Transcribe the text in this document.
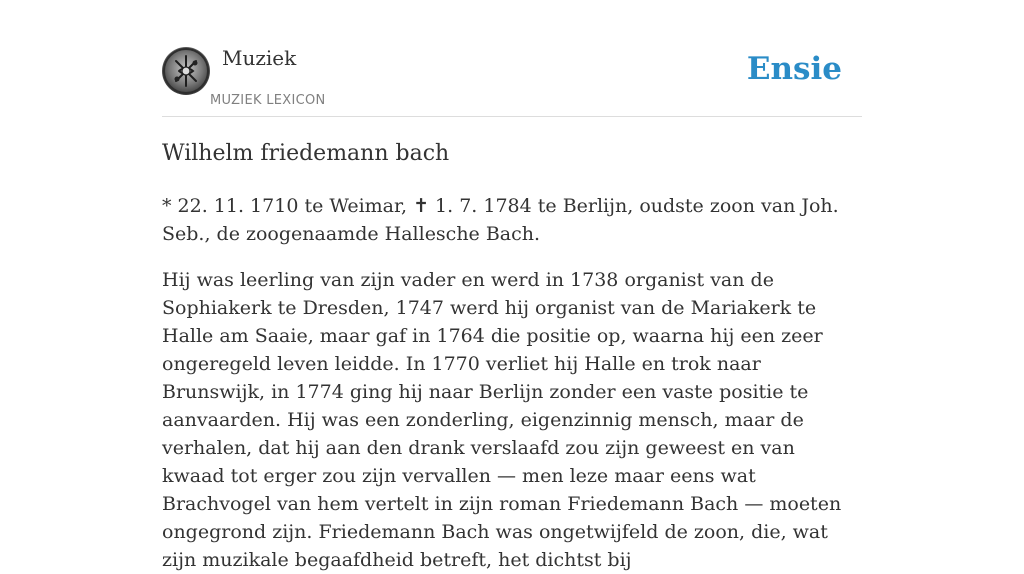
Muziek
MUZIEK LEXICON
Ensie
Wilhelm friedemann bach

* 22. 11. 1710 te Weimar, ✝ 1. 7. 1784 te Berlijn, oudste zoon van Joh. Seb., de zoogenaamde Hallesche Bach.

Hij was leerling van zijn vader en werd in 1738 organist van de Sophiakerk te Dresden, 1747 werd hij organist van de Mariakerk te Halle am Saaie, maar gaf in 1764 die positie op, waarna hij een zeer ongeregeld leven leidde. In 1770 verliet hij Halle en trok naar Brunswijk, in 1774 ging hij naar Berlijn zonder een vaste positie te aanvaarden. Hij was een zonderling, eigenzinnig mensch, maar de verhalen, dat hij aan den drank verslaafd zou zijn geweest en van kwaad tot erger zou zijn vervallen — men leze maar eens wat Brachvogel van hem vertelt in zijn roman Friedemann Bach — moeten ongegrond zijn. Friedemann Bach was ongetwijfeld de zoon, die, wat zijn muzikale begaafdheid betreft, het dichtst bij
